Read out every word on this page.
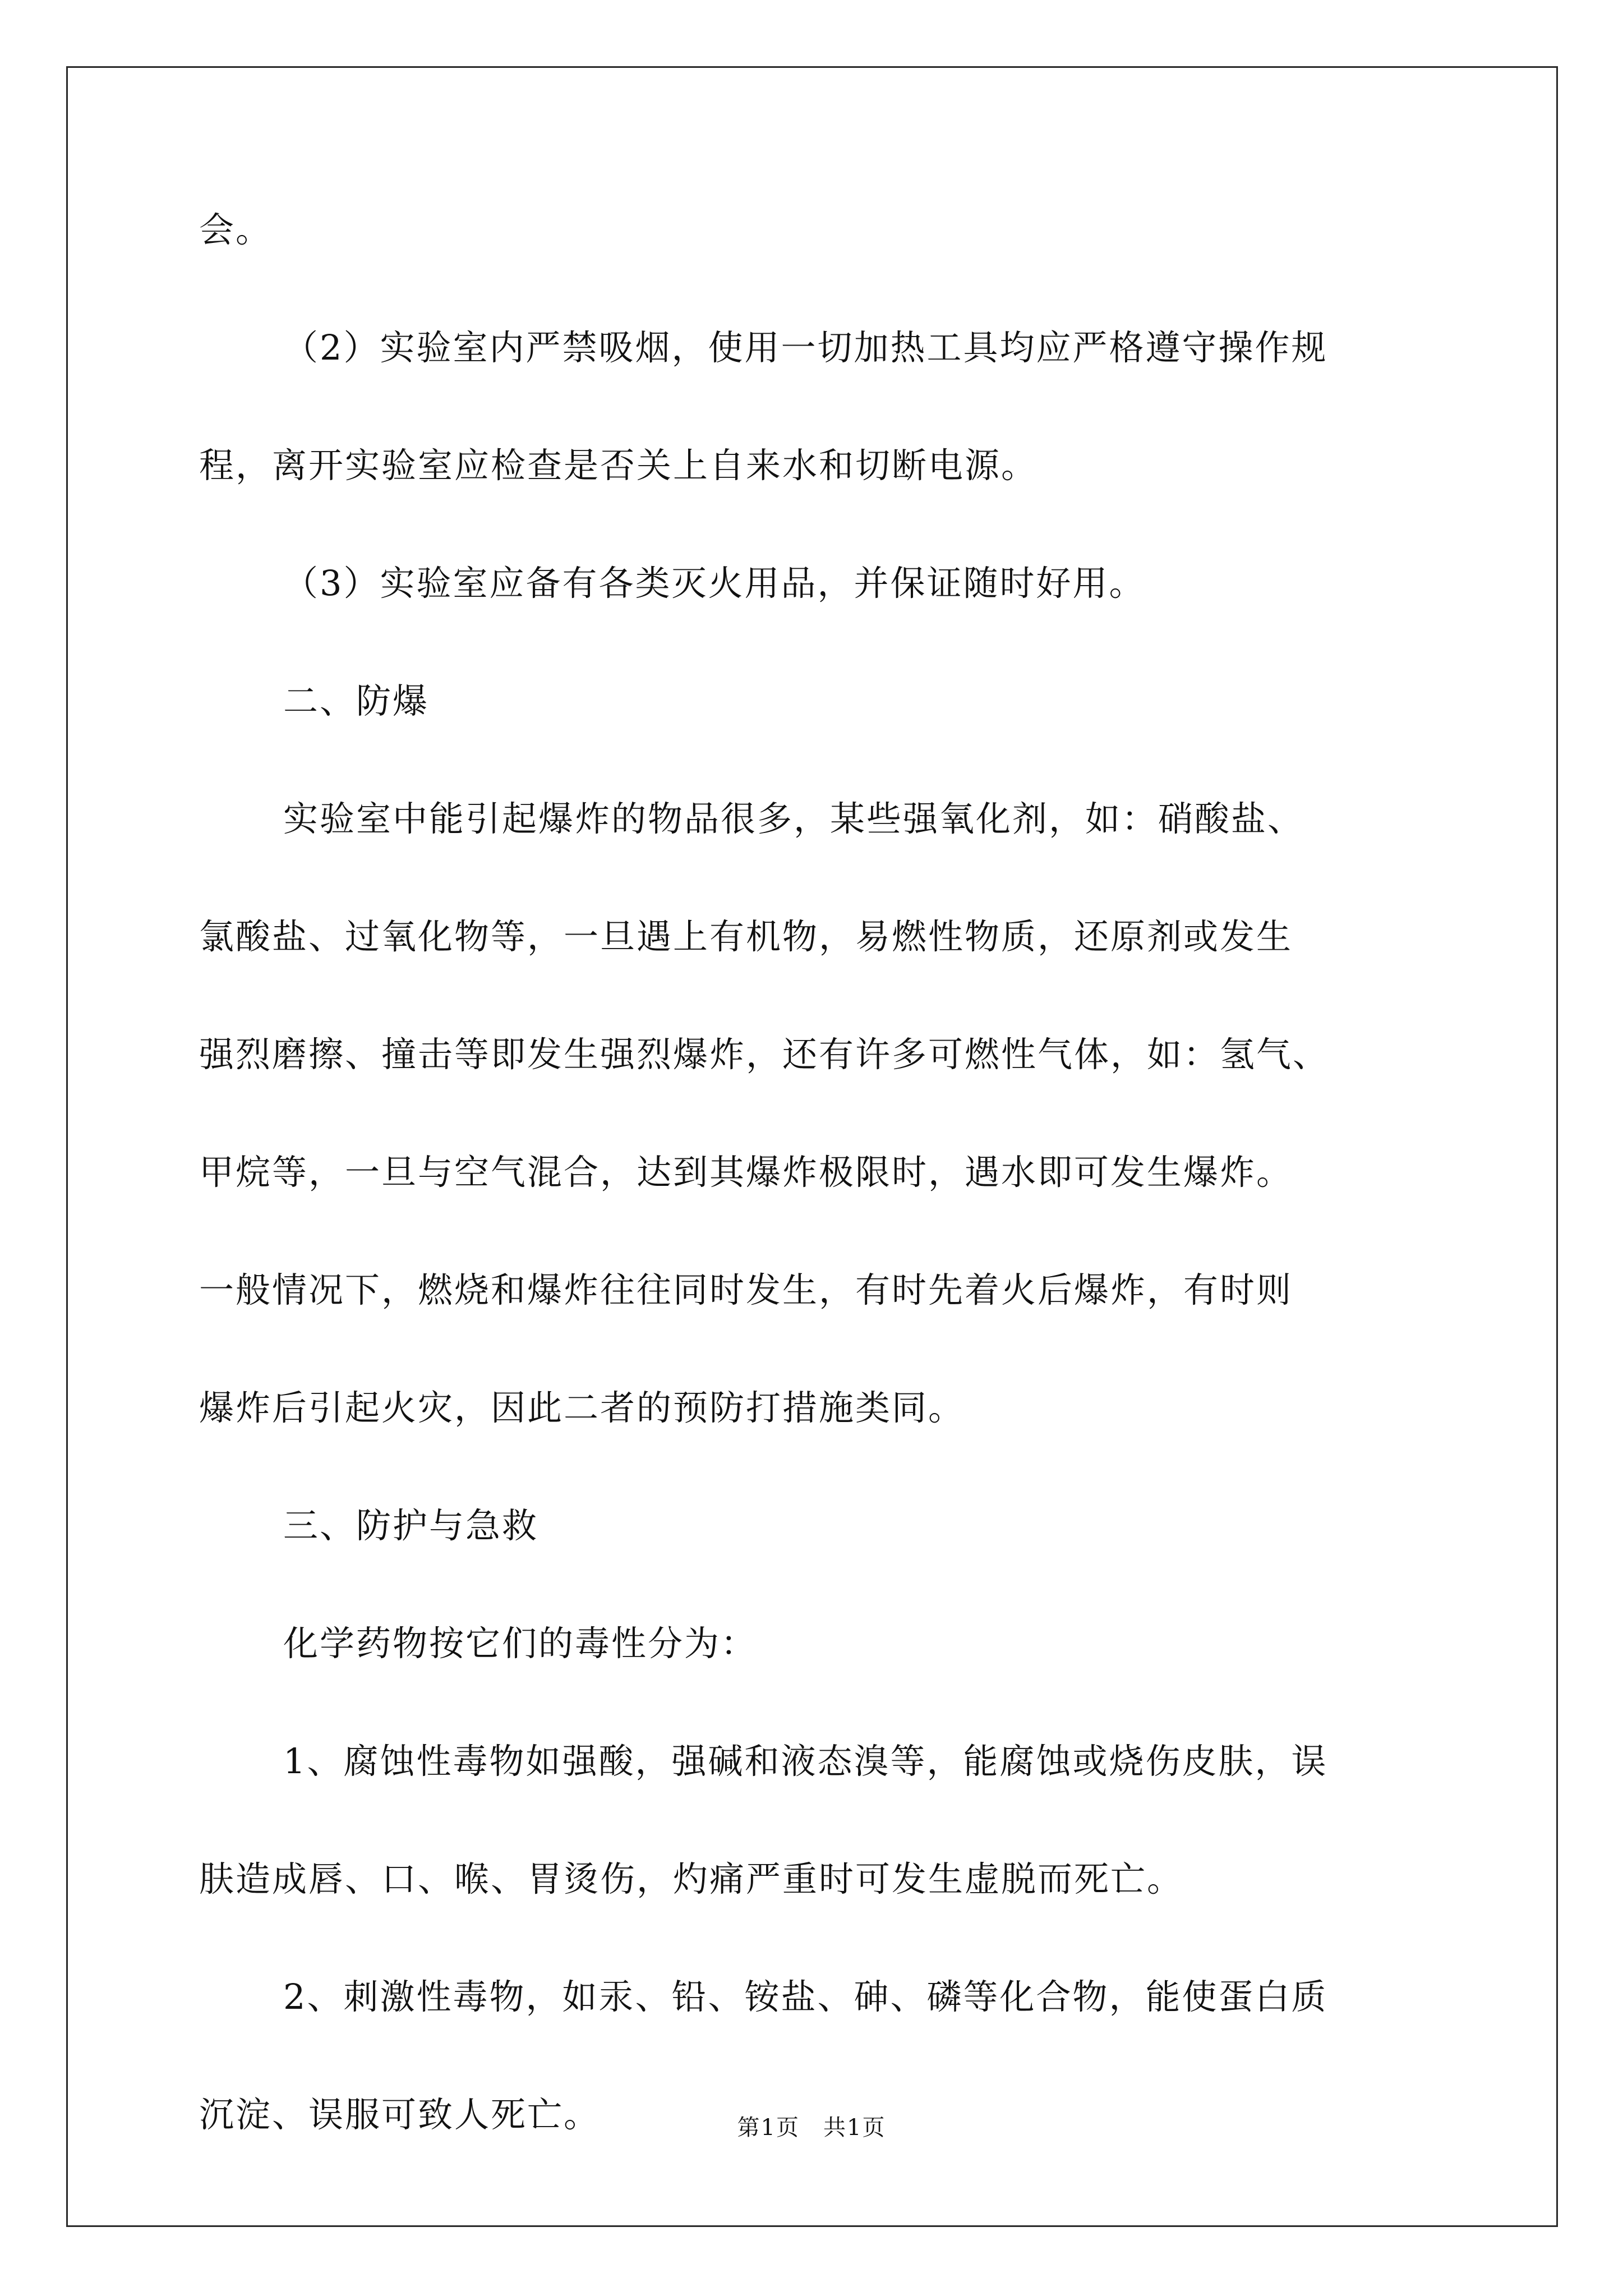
会。
（2）实验室内严禁吸烟，使用一切加热工具均应严格遵守操作规
程，离开实验室应检查是否关上自来水和切断电源。
（3）实验室应备有各类灭火用品，并保证随时好用。
二、防爆
实验室中能引起爆炸的物品很多，某些强氧化剂，如：硝酸盐、
氯酸盐、过氧化物等，一旦遇上有机物，易燃性物质，还原剂或发生
强烈磨擦、撞击等即发生强烈爆炸，还有许多可燃性气体，如：氢气、
甲烷等，一旦与空气混合，达到其爆炸极限时，遇水即可发生爆炸。
一般情况下，燃烧和爆炸往往同时发生，有时先着火后爆炸，有时则
爆炸后引起火灾，因此二者的预防打措施类同。
三、防护与急救
化学药物按它们的毒性分为：
1、腐蚀性毒物如强酸，强碱和液态溴等，能腐蚀或烧伤皮肤，误
肤造成唇、口、喉、胃烫伤，灼痛严重时可发生虚脱而死亡。
2、刺激性毒物，如汞、铅、铵盐、砷、磷等化合物，能使蛋白质
沉淀、误服可致人死亡。	第1页　共1页
